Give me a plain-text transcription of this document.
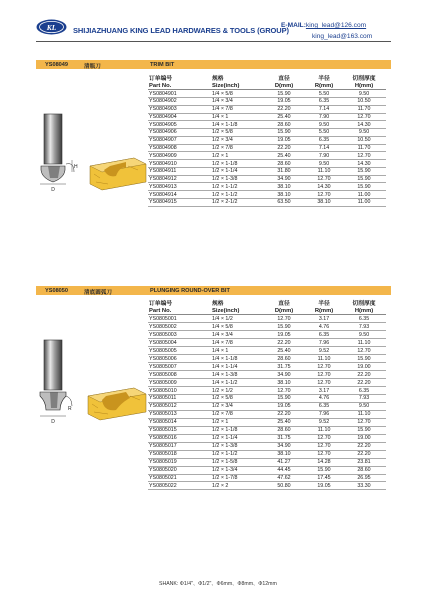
KL SHIJIAZHUANG KING LEAD HARDWARES & TOOLS (GROUP)
E-MAIL:king_lead@126.com
king_lead@163.com
YS08049	清瓶刀	TRIM BIT
D
H
订单编号	规格	直径	半径	切削厚度
Part No.	Size(inch)	D(mm)	R(mm)	H(mm)
YS0804901	1/4 × 5/8	15.90	5.50	9.50
YS0804902	1/4 × 3/4	19.05	6.35	10.50
YS0804903	1/4 × 7/8	22.20	7.14	11.70
YS0804904	1/4 × 1	25.40	7.90	12.70
YS0804905	1/4 × 1-1/8	28.60	9.50	14.30
YS0804906	1/2 × 5/8	15.90	5.50	9.50
YS0804907	1/2 × 3/4	19.05	6.35	10.50
YS0804908	1/2 × 7/8	22.20	7.14	11.70
YS0804909	1/2 × 1	25.40	7.90	12.70
YS0804910	1/2 × 1-1/8	28.60	9.50	14.30
YS0804911	1/2 × 1-1/4	31.80	11.10	15.90
YS0804912	1/2 × 1-3/8	34.90	12.70	15.90
YS0804913	1/2 × 1-1/2	38.10	14.30	15.90
YS0804914	1/2 × 1-1/2	38.10	12.70	11.00
YS0804915	1/2 × 2-1/2	63.50	38.10	11.00
YS08050	清底圆弧刀	PLUNGING ROUND-OVER BIT
D
R
订单编号	规格	直径	半径	切削厚度
Part No.	Size(inch)	D(mm)	R(mm)	H(mm)
YS0805001	1/4 × 1/2	12.70	3.17	6.35
YS0805002	1/4 × 5/8	15.90	4.76	7.93
YS0805003	1/4 × 3/4	19.05	6.35	9.50
YS0805004	1/4 × 7/8	22.20	7.96	11.10
YS0805005	1/4 × 1	25.40	9.52	12.70
YS0805006	1/4 × 1-1/8	28.60	11.10	15.90
YS0805007	1/4 × 1-1/4	31.75	12.70	19.00
YS0805008	1/4 × 1-3/8	34.90	12.70	22.20
YS0805009	1/4 × 1-1/2	38.10	12.70	22.20
YS0805010	1/2 × 1/2	12.70	3.17	6.35
YS0805011	1/2 × 5/8	15.90	4.76	7.93
YS0805012	1/2 × 3/4	19.05	6.35	9.50
YS0805013	1/2 × 7/8	22.20	7.96	11.10
YS0805014	1/2 × 1	25.40	9.52	12.70
YS0805015	1/2 × 1-1/8	28.60	11.10	15.90
YS0805016	1/2 × 1-1/4	31.75	12.70	19.00
YS0805017	1/2 × 1-3/8	34.90	12.70	22.20
YS0805018	1/2 × 1-1/2	38.10	12.70	22.20
YS0805019	1/2 × 1-5/8	41.27	14.28	23.81
YS0805020	1/2 × 1-3/4	44.45	15.90	28.60
YS0805021	1/2 × 1-7/8	47.62	17.45	26.95
YS0805022	1/2 × 2	50.80	19.05	33.30
SHANK: Φ1/4"、Φ1/2"、Φ6mm、Φ8mm、Φ12mm
